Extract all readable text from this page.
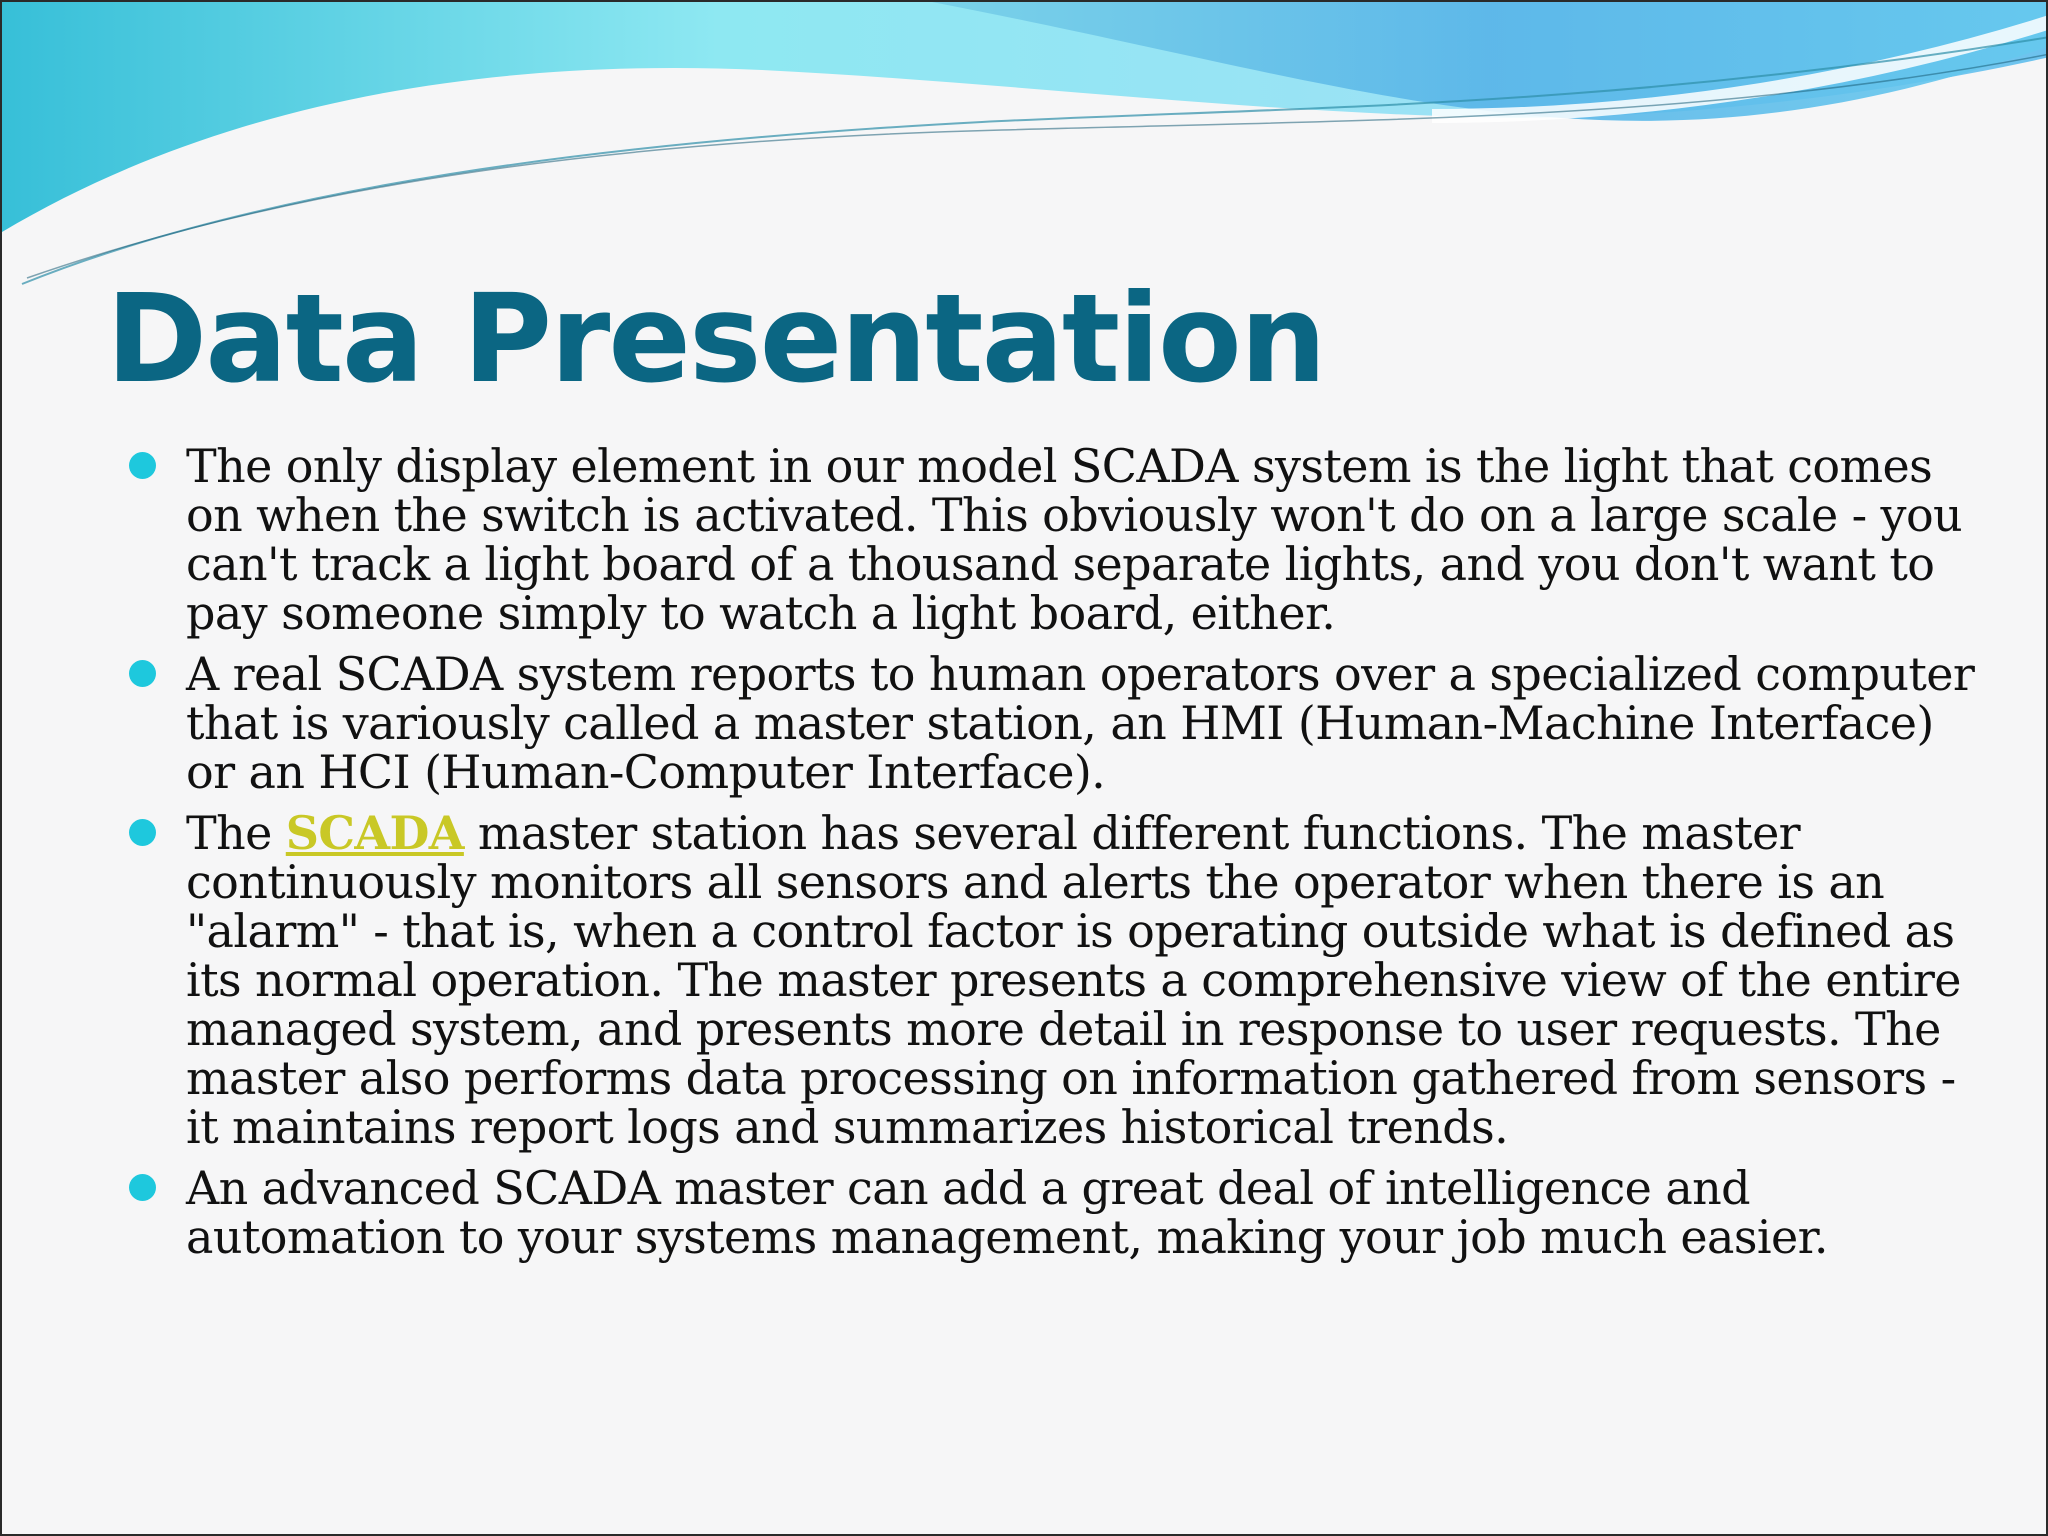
Data Presentation
The only display element in our model SCADA system is the light that comes
on when the switch is activated. This obviously won't do on a large scale - you
can't track a light board of a thousand separate lights, and you don't want to
pay someone simply to watch a light board, either.
A real SCADA system reports to human operators over a specialized computer
that is variously called a master station, an HMI (Human-Machine Interface)
or an HCI (Human-Computer Interface).
The SCADA master station has several different functions. The master
continuously monitors all sensors and alerts the operator when there is an
"alarm" - that is, when a control factor is operating outside what is defined as
its normal operation. The master presents a comprehensive view of the entire
managed system, and presents more detail in response to user requests. The
master also performs data processing on information gathered from sensors -
it maintains report logs and summarizes historical trends.
An advanced SCADA master can add a great deal of intelligence and
automation to your systems management, making your job much easier.
